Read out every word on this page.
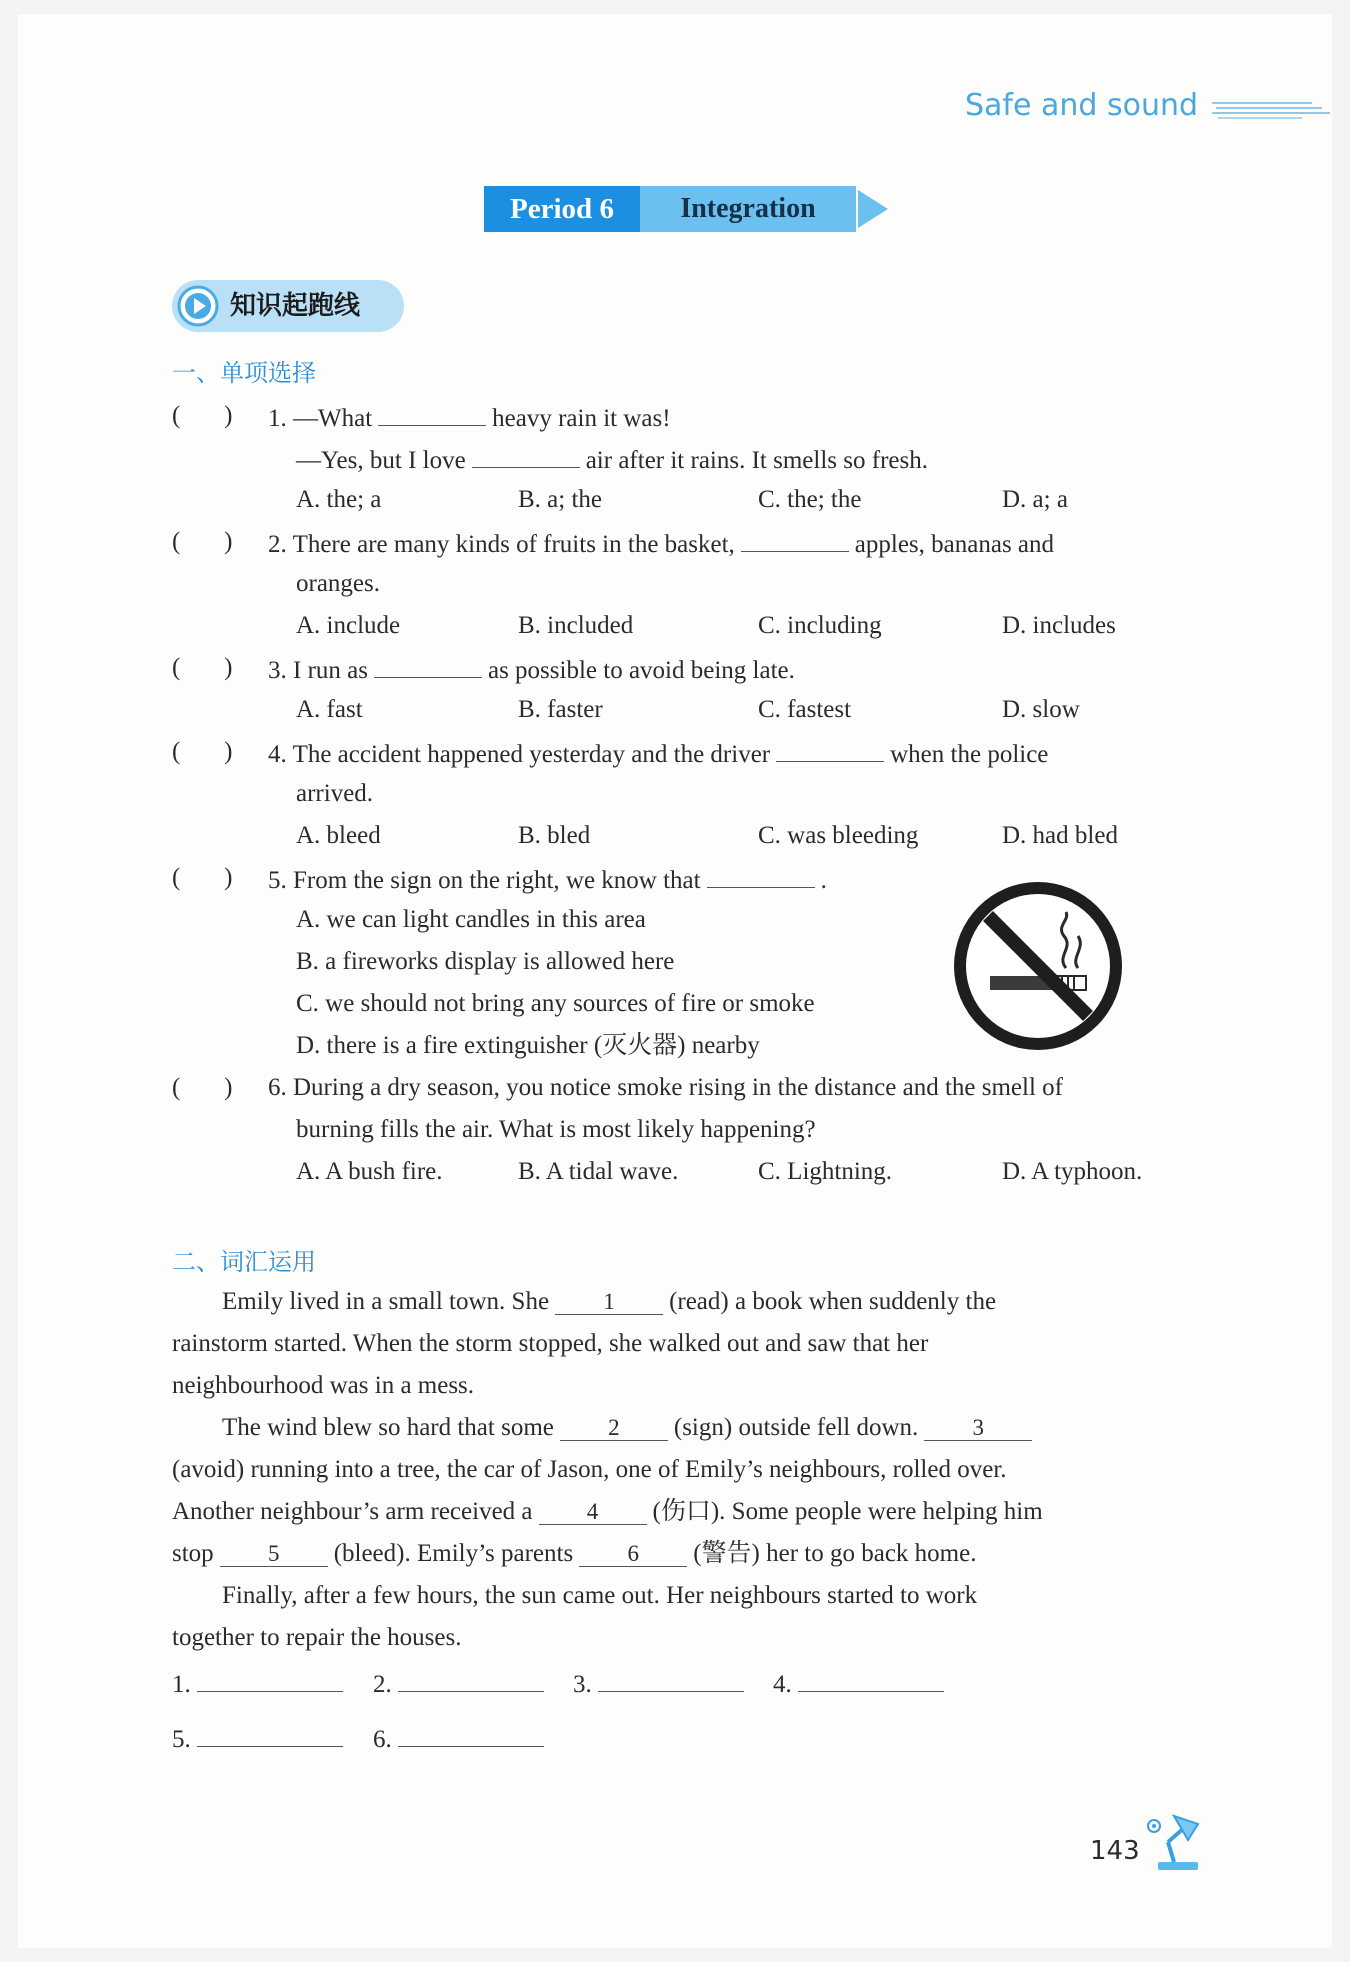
Safe and sound
Period 6	Integration
知识起跑线
一、单项选择
(       ) 1. —What	heavy rain it was!
—Yes, but I love	air after it rains. It smells so fresh.
A. the; a	B. a; the	C. the; the	D. a; a
(       ) 2. There are many kinds of fruits in the basket,	apples, bananas and
oranges.
A. include	B. included	C. including	D. includes
(       ) 3. I run as	as possible to avoid being late.
A. fast	B. faster	C. fastest	D. slow
(       ) 4. The accident happened yesterday and the driver	when the police
arrived.
A. bleed	B. bled	C. was bleeding	D. had bled
(       ) 5. From the sign on the right, we know that	.
A. we can light candles in this area
B. a fireworks display is allowed here
C. we should not bring any sources of fire or smoke
D. there is a fire extinguisher (灭火器) nearby
(       ) 6. During a dry season, you notice smoke rising in the distance and the smell of
burning fills the air. What is most likely happening?
A. A bush fire.	B. A tidal wave.	C. Lightning.	D. A typhoon.
二、词汇运用
Emily lived in a small town. She 1 (read) a book when suddenly the
rainstorm started. When the storm stopped, she walked out and saw that her
neighbourhood was in a mess.
The wind blew so hard that some 2 (sign) outside fell down. 3
(avoid) running into a tree, the car of Jason, one of Emily’s neighbours, rolled over.
Another neighbour’s arm received a 4 (伤口). Some people were helping him
stop 5 (bleed). Emily’s parents 6 (警告) her to go back home.
Finally, after a few hours, the sun came out. Her neighbours started to work
together to repair the houses.
1.	2.	3.	4.
5.	6.
143
